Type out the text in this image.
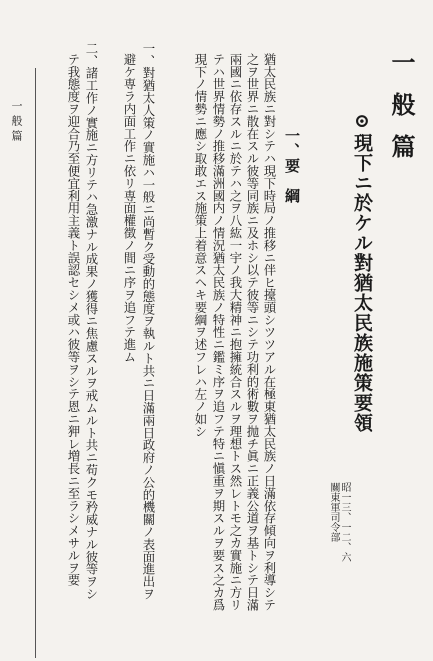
一般篇
⊙現下ニ於ケル對猶太民族施策要領
昭一三、一二、六
關東軍司令部
一、要　綱
猶太民族ニ對シテハ現下時局ノ推移ニ伴ヒ擡頭シツツアル在極東猶太民族ノ日滿依存傾向ヲ利導シテ
之ヲ世界ニ散在スル彼等同族ニ及ホシ以テ彼等ニシテ功利的術數ヲ抛チ眞ニ正義公道ヲ基トシテ日滿
兩國ニ依存スルニ於テハ之ヲ八紘一宇ノ我大精神ニ抱擁統合スルヲ理想トス然レトモ之カ實施ニ方リ
テハ世界情勢ノ推移滿洲國内ノ情況猶太民族ノ特性ニ鑑ミ序ヲ追フテ特ニ愼重ヲ期スルヲ要ス之カ爲
現下ノ情勢ニ應シ取敢エス施策上着意スヘキ要綱ヲ述フレハ左ノ如シ
一、對猶太人策ノ實施ハ一般ニ尚暫ク受動的態度ヲ執ルト共ニ日滿兩日政府ノ公的機關ノ表面進出ヲ
避ケ専ラ内面工作ニ依リ専面權徴ノ間ニ序ヲ追フテ進ム
二、諸工作ノ實施ニ方リテハ急激ナル成果ノ獲得ニ焦慮スルヲ戒ムルト共ニ苟クモ矜威ナル彼等ヲシ
テ我態度ヲ迎合乃至便宜利用主義ト誤認セシメ或ハ彼等ヲシテ恩ニ狎レ増長ニ至ラシメサルヲ要
一般篇
